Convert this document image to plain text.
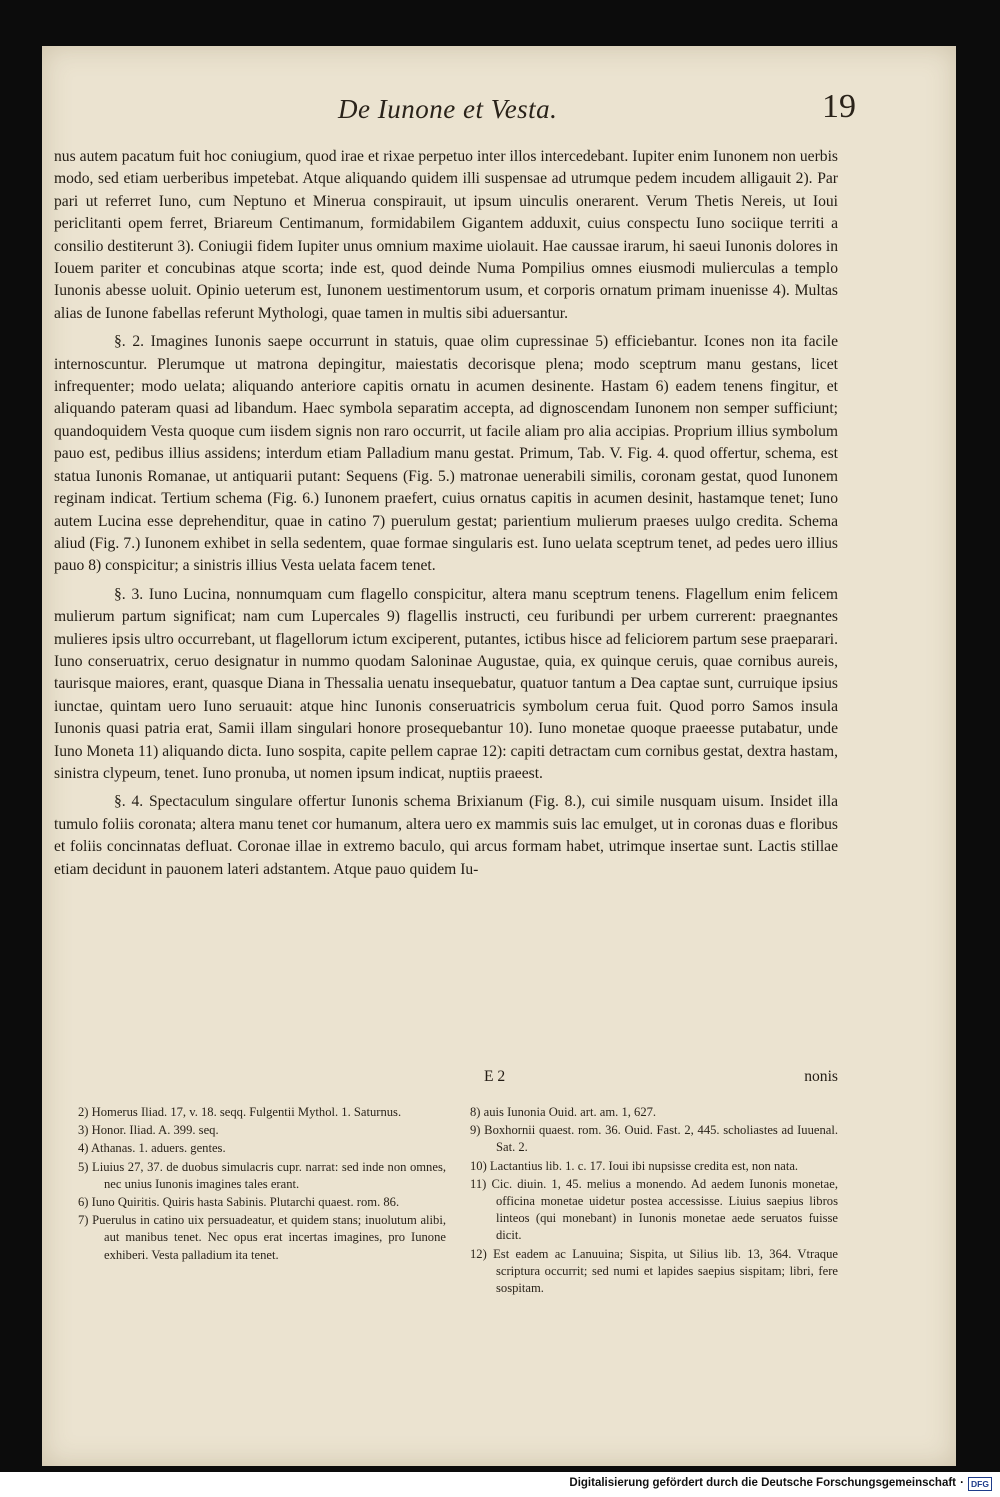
De Iunone et Vesta.	19

nus autem pacatum fuit hoc coniugium, quod irae et rixae perpetuo inter illos intercedebant. Iupiter enim Iunonem non uerbis modo, sed etiam uerberibus impetebat. Atque aliquando quidem illi suspensae ad utrumque pedem incudem alligauit 2). Par pari ut referret Iuno, cum Neptuno et Minerua conspirauit, ut ipsum uinculis onerarent. Verum Thetis Nereis, ut Ioui periclitanti opem ferret, Briareum Centimanum, formidabilem Gigantem adduxit, cuius conspectu Iuno sociique territi a consilio destiterunt 3). Coniugii fidem Iupiter unus omnium maxime uiolauit. Hae caussae irarum, hi saeui Iunonis dolores in Iouem pariter et concubinas atque scorta; inde est, quod deinde Numa Pompilius omnes eiusmodi mulierculas a templo Iunonis abesse uoluit. Opinio ueterum est, Iunonem uestimentorum usum, et corporis ornatum primam inuenisse 4). Multas alias de Iunone fabellas referunt Mythologi, quae tamen in multis sibi aduersantur.

§. 2. Imagines Iunonis saepe occurrunt in statuis, quae olim cupressinae 5) efficiebantur. Icones non ita facile internoscuntur. Plerumque ut matrona depingitur, maiestatis decorisque plena; modo sceptrum manu gestans, licet infrequenter; modo uelata; aliquando anteriore capitis ornatu in acumen desinente. Hastam 6) eadem tenens fingitur, et aliquando pateram quasi ad libandum. Haec symbola separatim accepta, ad dignoscendam Iunonem non semper sufficiunt; quandoquidem Vesta quoque cum iisdem signis non raro occurrit, ut facile aliam pro alia accipias. Proprium illius symbolum pauo est, pedibus illius assidens; interdum etiam Palladium manu gestat. Primum, Tab. V. Fig. 4. quod offertur, schema, est statua Iunonis Romanae, ut antiquarii putant: Sequens (Fig. 5.) matronae uenerabili similis, coronam gestat, quod Iunonem reginam indicat. Tertium schema (Fig. 6.) Iunonem praefert, cuius ornatus capitis in acumen desinit, hastamque tenet; Iuno autem Lucina esse deprehenditur, quae in catino 7) puerulum gestat; parientium mulierum praeses uulgo credita. Schema aliud (Fig. 7.) Iunonem exhibet in sella sedentem, quae formae singularis est. Iuno uelata sceptrum tenet, ad pedes uero illius pauo 8) conspicitur; a sinistris illius Vesta uelata facem tenet.

§. 3. Iuno Lucina, nonnumquam cum flagello conspicitur, altera manu sceptrum tenens. Flagellum enim felicem mulierum partum significat; nam cum Lupercales 9) flagellis instructi, ceu furibundi per urbem currerent: praegnantes mulieres ipsis ultro occurrebant, ut flagellorum ictum exciperent, putantes, ictibus hisce ad feliciorem partum sese praeparari. Iuno conseruatrix, ceruo designatur in nummo quodam Saloninae Augustae, quia, ex quinque ceruis, quae cornibus aureis, taurisque maiores, erant, quasque Diana in Thessalia uenatu insequebatur, quatuor tantum a Dea captae sunt, curruique ipsius iunctae, quintam uero Iuno seruauit: atque hinc Iunonis conseruatricis symbolum cerua fuit. Quod porro Samos insula Iunonis quasi patria erat, Samii illam singulari honore prosequebantur 10). Iuno monetae quoque praeesse putabatur, unde Iuno Moneta 11) aliquando dicta. Iuno sospita, capite pellem caprae 12): capiti detractam cum cornibus gestat, dextra hastam, sinistra clypeum, tenet. Iuno pronuba, ut nomen ipsum indicat, nuptiis praeest.

§. 4. Spectaculum singulare offertur Iunonis schema Brixianum (Fig. 8.), cui simile nusquam uisum. Insidet illa tumulo foliis coronata; altera manu tenet cor humanum, altera uero ex mammis suis lac emulget, ut in coronas duas e floribus et foliis concinnatas defluat. Coronae illae in extremo baculo, qui arcus formam habet, utrimque insertae sunt. Lactis stillae etiam decidunt in pauonem lateri adstantem. Atque pauo quidem Iu-

E 2	nonis

2) Homerus Iliad. 17, v. 18. seqq. Fulgentii Mythol. 1. Saturnus.

3) Honor. Iliad. A. 399. seq.

4) Athanas. 1. aduers. gentes.

5) Liuius 27, 37. de duobus simulacris cupr. narrat: sed inde non omnes, nec unius Iunonis imagines tales erant.

6) Iuno Quiritis. Quiris hasta Sabinis. Plutarchi quaest. rom. 86.

7) Puerulus in catino uix persuadeatur, et quidem stans; inuolutum alibi, aut manibus tenet. Nec opus erat incertas imagines, pro Iunone exhiberi. Vesta palladium ita tenet.

8) auis Iunonia Ouid. art. am. 1, 627.

9) Boxhornii quaest. rom. 36. Ouid. Fast. 2, 445. scholiastes ad Iuuenal. Sat. 2.

10) Lactantius lib. 1. c. 17. Ioui ibi nupsisse credita est, non nata.

11) Cic. diuin. 1, 45. melius a monendo. Ad aedem Iunonis monetae, officina monetae uidetur postea accessisse. Liuius saepius libros linteos (qui monebant) in Iunonis monetae aede seruatos fuisse dicit.

12) Est eadem ac Lanuuina; Sispita, ut Silius lib. 13, 364. Vtraque scriptura occurrit; sed numi et lapides saepius sispitam; libri, fere sospitam.

Digitalisierung gefördert durch die Deutsche Forschungsgemeinschaft · DFG
